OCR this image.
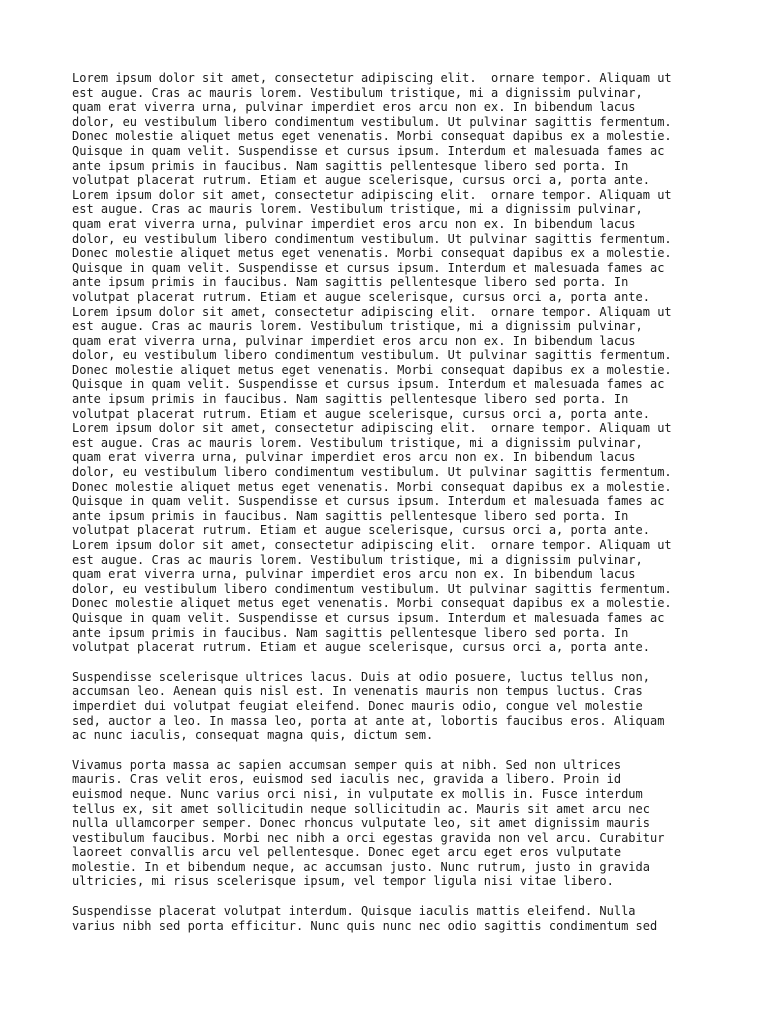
Lorem ipsum dolor sit amet, consectetur adipiscing elit.  ornare tempor. Aliquam ut
est augue. Cras ac mauris lorem. Vestibulum tristique, mi a dignissim pulvinar,
quam erat viverra urna, pulvinar imperdiet eros arcu non ex. In bibendum lacus
dolor, eu vestibulum libero condimentum vestibulum. Ut pulvinar sagittis fermentum.
Donec molestie aliquet metus eget venenatis. Morbi consequat dapibus ex a molestie.
Quisque in quam velit. Suspendisse et cursus ipsum. Interdum et malesuada fames ac
ante ipsum primis in faucibus. Nam sagittis pellentesque libero sed porta. In
volutpat placerat rutrum. Etiam et augue scelerisque, cursus orci a, porta ante.
Lorem ipsum dolor sit amet, consectetur adipiscing elit.  ornare tempor. Aliquam ut
est augue. Cras ac mauris lorem. Vestibulum tristique, mi a dignissim pulvinar,
quam erat viverra urna, pulvinar imperdiet eros arcu non ex. In bibendum lacus
dolor, eu vestibulum libero condimentum vestibulum. Ut pulvinar sagittis fermentum.
Donec molestie aliquet metus eget venenatis. Morbi consequat dapibus ex a molestie.
Quisque in quam velit. Suspendisse et cursus ipsum. Interdum et malesuada fames ac
ante ipsum primis in faucibus. Nam sagittis pellentesque libero sed porta. In
volutpat placerat rutrum. Etiam et augue scelerisque, cursus orci a, porta ante.
Lorem ipsum dolor sit amet, consectetur adipiscing elit.  ornare tempor. Aliquam ut
est augue. Cras ac mauris lorem. Vestibulum tristique, mi a dignissim pulvinar,
quam erat viverra urna, pulvinar imperdiet eros arcu non ex. In bibendum lacus
dolor, eu vestibulum libero condimentum vestibulum. Ut pulvinar sagittis fermentum.
Donec molestie aliquet metus eget venenatis. Morbi consequat dapibus ex a molestie.
Quisque in quam velit. Suspendisse et cursus ipsum. Interdum et malesuada fames ac
ante ipsum primis in faucibus. Nam sagittis pellentesque libero sed porta. In
volutpat placerat rutrum. Etiam et augue scelerisque, cursus orci a, porta ante.
Lorem ipsum dolor sit amet, consectetur adipiscing elit.  ornare tempor. Aliquam ut
est augue. Cras ac mauris lorem. Vestibulum tristique, mi a dignissim pulvinar,
quam erat viverra urna, pulvinar imperdiet eros arcu non ex. In bibendum lacus
dolor, eu vestibulum libero condimentum vestibulum. Ut pulvinar sagittis fermentum.
Donec molestie aliquet metus eget venenatis. Morbi consequat dapibus ex a molestie.
Quisque in quam velit. Suspendisse et cursus ipsum. Interdum et malesuada fames ac
ante ipsum primis in faucibus. Nam sagittis pellentesque libero sed porta. In
volutpat placerat rutrum. Etiam et augue scelerisque, cursus orci a, porta ante.
Lorem ipsum dolor sit amet, consectetur adipiscing elit.  ornare tempor. Aliquam ut
est augue. Cras ac mauris lorem. Vestibulum tristique, mi a dignissim pulvinar,
quam erat viverra urna, pulvinar imperdiet eros arcu non ex. In bibendum lacus
dolor, eu vestibulum libero condimentum vestibulum. Ut pulvinar sagittis fermentum.
Donec molestie aliquet metus eget venenatis. Morbi consequat dapibus ex a molestie.
Quisque in quam velit. Suspendisse et cursus ipsum. Interdum et malesuada fames ac
ante ipsum primis in faucibus. Nam sagittis pellentesque libero sed porta. In
volutpat placerat rutrum. Etiam et augue scelerisque, cursus orci a, porta ante.
Suspendisse scelerisque ultrices lacus. Duis at odio posuere, luctus tellus non,
accumsan leo. Aenean quis nisl est. In venenatis mauris non tempus luctus. Cras
imperdiet dui volutpat feugiat eleifend. Donec mauris odio, congue vel molestie
sed, auctor a leo. In massa leo, porta at ante at, lobortis faucibus eros. Aliquam
ac nunc iaculis, consequat magna quis, dictum sem.
Vivamus porta massa ac sapien accumsan semper quis at nibh. Sed non ultrices
mauris. Cras velit eros, euismod sed iaculis nec, gravida a libero. Proin id
euismod neque. Nunc varius orci nisi, in vulputate ex mollis in. Fusce interdum
tellus ex, sit amet sollicitudin neque sollicitudin ac. Mauris sit amet arcu nec
nulla ullamcorper semper. Donec rhoncus vulputate leo, sit amet dignissim mauris
vestibulum faucibus. Morbi nec nibh a orci egestas gravida non vel arcu. Curabitur
laoreet convallis arcu vel pellentesque. Donec eget arcu eget eros vulputate
molestie. In et bibendum neque, ac accumsan justo. Nunc rutrum, justo in gravida
ultricies, mi risus scelerisque ipsum, vel tempor ligula nisi vitae libero.
Suspendisse placerat volutpat interdum. Quisque iaculis mattis eleifend. Nulla
varius nibh sed porta efficitur. Nunc quis nunc nec odio sagittis condimentum sed
